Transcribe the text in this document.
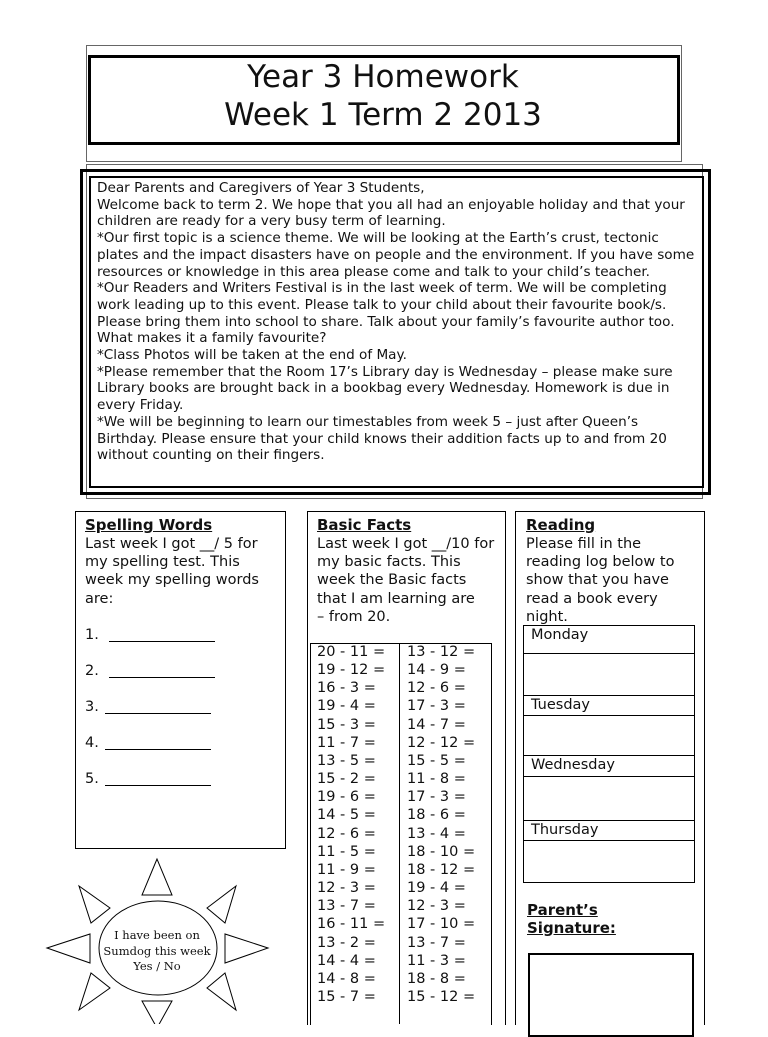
Year 3 Homework
Week 1 Term 2 2013
Dear Parents and Caregivers of Year 3 Students,
Welcome back to term 2. We hope that you all had an enjoyable holiday and that your children are ready for a very busy term of learning.
*Our first topic is a science theme. We will be looking at the Earth’s crust, tectonic plates and the impact disasters have on people and the environment. If you have some resources or knowledge in this area please come and talk to your child’s teacher.
*Our Readers and Writers Festival is in the last week of term. We will be completing work leading up to this event. Please talk to your child about their favourite book/s. Please bring them into school to share. Talk about your family’s favourite author too. What makes it a family favourite?
*Class Photos will be taken at the end of May.
*Please remember that the Room 17’s Library day is Wednesday – please make sure Library books are brought back in a bookbag every Wednesday. Homework is due in every Friday.
*We will be beginning to learn our timestables from week 5 – just after Queen’s Birthday. Please ensure that your child knows their addition facts up to and from 20 without counting on their fingers.
Spelling Words
Last week I got __/ 5 for my spelling test. This week my spelling words are:
1.
2.
3.
4.
5.
Basic Facts
Last week I got __/10 for my basic facts. This week the Basic facts that I am learning are
– from 20.
20 - 11 =
19 - 12 =
16 - 3 =
19 - 4 =
15 - 3 =
11 - 7 =
13 - 5 =
15 - 2 =
19 - 6 =
14 - 5 =
12 - 6 =
11 - 5 =
11 - 9 =
12 - 3 =
13 - 7 =
16 - 11 =
13 - 2 =
14 - 4 =
14 - 8 =
15 - 7 =
13 - 12 =
14 - 9 =
12 - 6 =
17 - 3 =
14 - 7 =
12 - 12 =
15 - 5 =
11 - 8 =
17 - 3 =
18 - 6 =
13 - 4 =
18 - 10 =
18 - 12 =
19 - 4 =
12 - 3 =
17 - 10 =
13 - 7 =
11 - 3 =
18 - 8 =
15 - 12 =
Reading
Please fill in the reading log below to show that you have read a book every night.
Monday
Tuesday
Wednesday
Thursday
Parent’s Signature:
I have been on
Sumdog this week
Yes / No
